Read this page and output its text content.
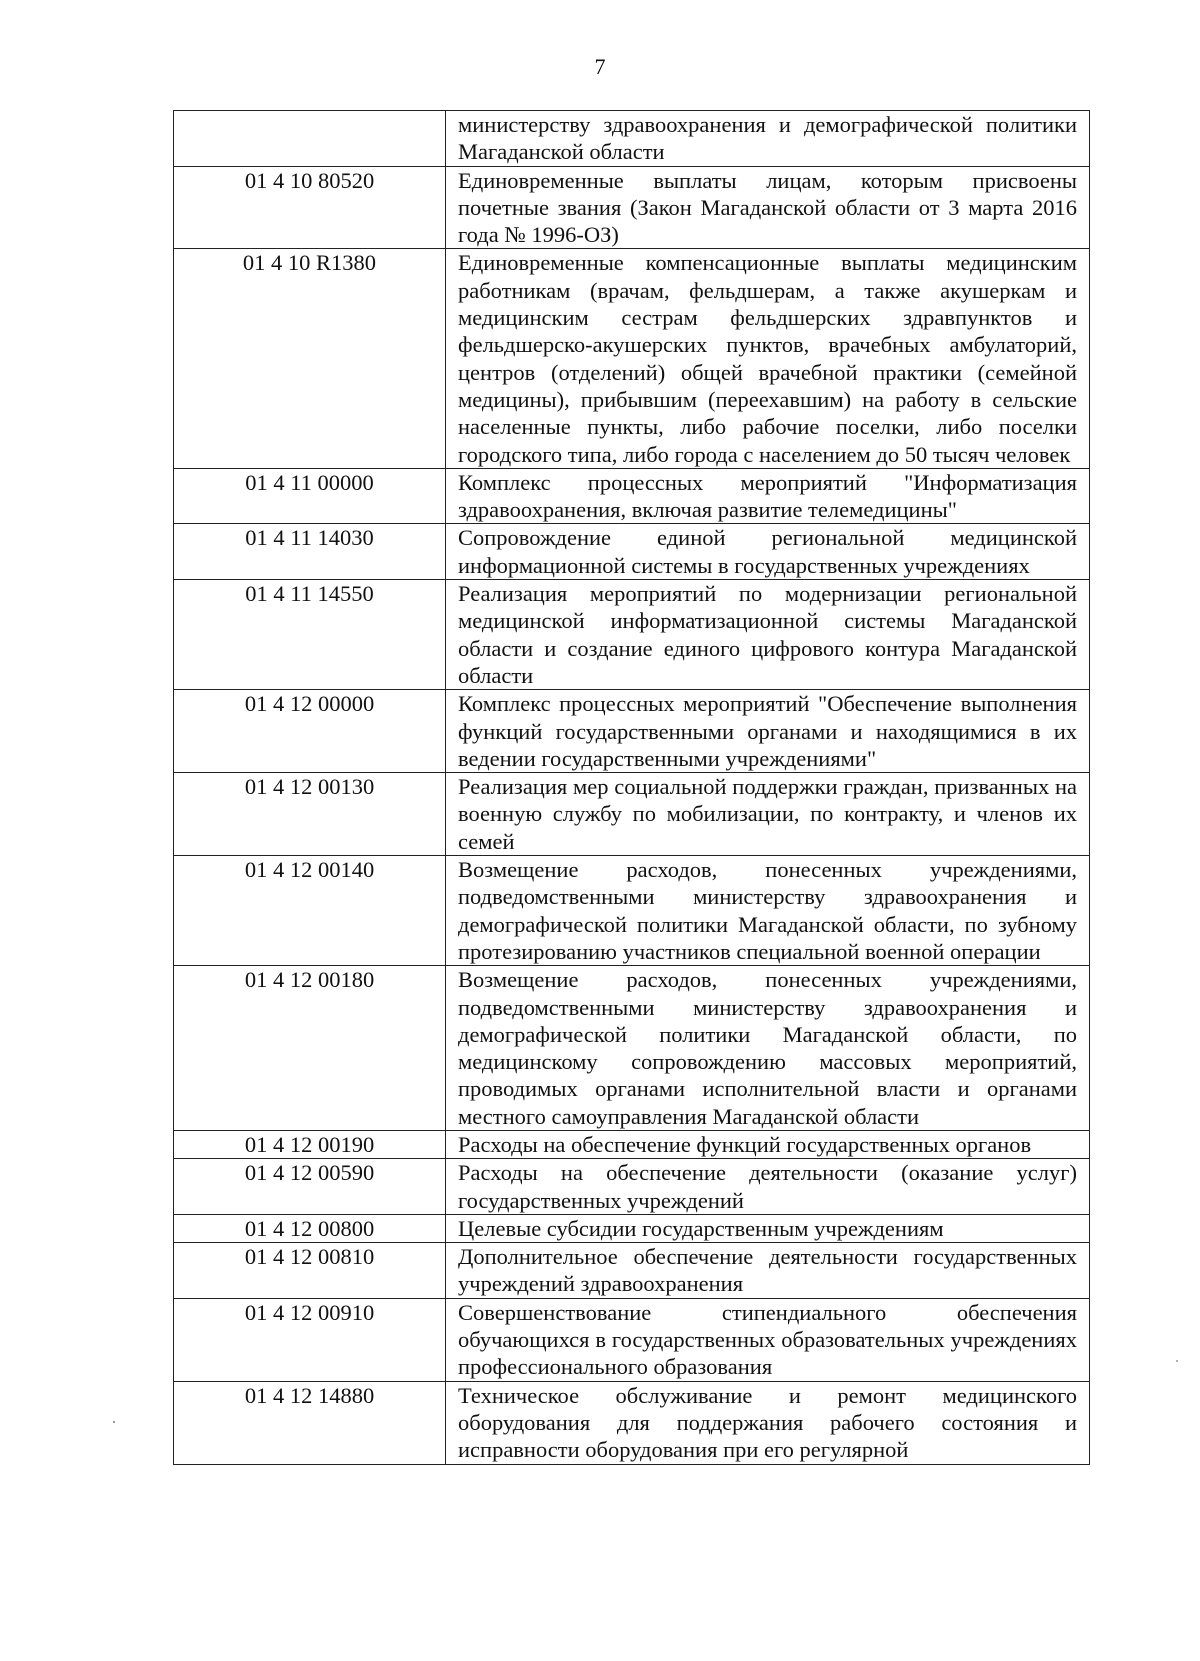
7
	министерству здравоохранения и демографической политики Магаданской области
01 4 10 80520	Единовременные выплаты лицам, которым присвоены почетные звания (Закон Магаданской области от 3 марта 2016 года № 1996-ОЗ)
01 4 10 R1380	Единовременные компенсационные выплаты медицинским работникам (врачам, фельдшерам, а также акушеркам и медицинским сестрам фельдшерских здравпунктов и фельдшерско-акушерских пунктов, врачебных амбулаторий, центров (отделений) общей врачебной практики (семейной медицины), прибывшим (переехавшим) на работу в сельские населенные пункты, либо рабочие поселки, либо поселки городского типа, либо города с населением до 50 тысяч человек
01 4 11 00000	Комплекс процессных мероприятий "Информатизация здравоохранения, включая развитие телемедицины"
01 4 11 14030	Сопровождение единой региональной медицинской информационной системы в государственных учреждениях
01 4 11 14550	Реализация мероприятий по модернизации региональной медицинской информатизационной системы Магаданской области и создание единого цифрового контура Магаданской области
01 4 12 00000	Комплекс процессных мероприятий "Обеспечение выполнения функций государственными органами и находящимися в их ведении государственными учреждениями"
01 4 12 00130	Реализация мер социальной поддержки граждан, призванных на военную службу по мобилизации, по контракту, и членов их семей
01 4 12 00140	Возмещение расходов, понесенных учреждениями, подведомственными министерству здравоохранения и демографической политики Магаданской области, по зубному протезированию участников специальной военной операции
01 4 12 00180	Возмещение расходов, понесенных учреждениями, подведомственными министерству здравоохранения и демографической политики Магаданской области, по медицинскому сопровождению массовых мероприятий, проводимых органами исполнительной власти и органами местного самоуправления Магаданской области
01 4 12 00190	Расходы на обеспечение функций государственных органов
01 4 12 00590	Расходы на обеспечение деятельности (оказание услуг) государственных учреждений
01 4 12 00800	Целевые субсидии государственным учреждениям
01 4 12 00810	Дополнительное обеспечение деятельности государственных учреждений здравоохранения
01 4 12 00910	Совершенствование стипендиального обеспечения обучающихся в государственных образовательных учреждениях профессионального образования
01 4 12 14880	Техническое обслуживание и ремонт медицинского оборудования для поддержания рабочего состояния и исправности оборудования при его регулярной
